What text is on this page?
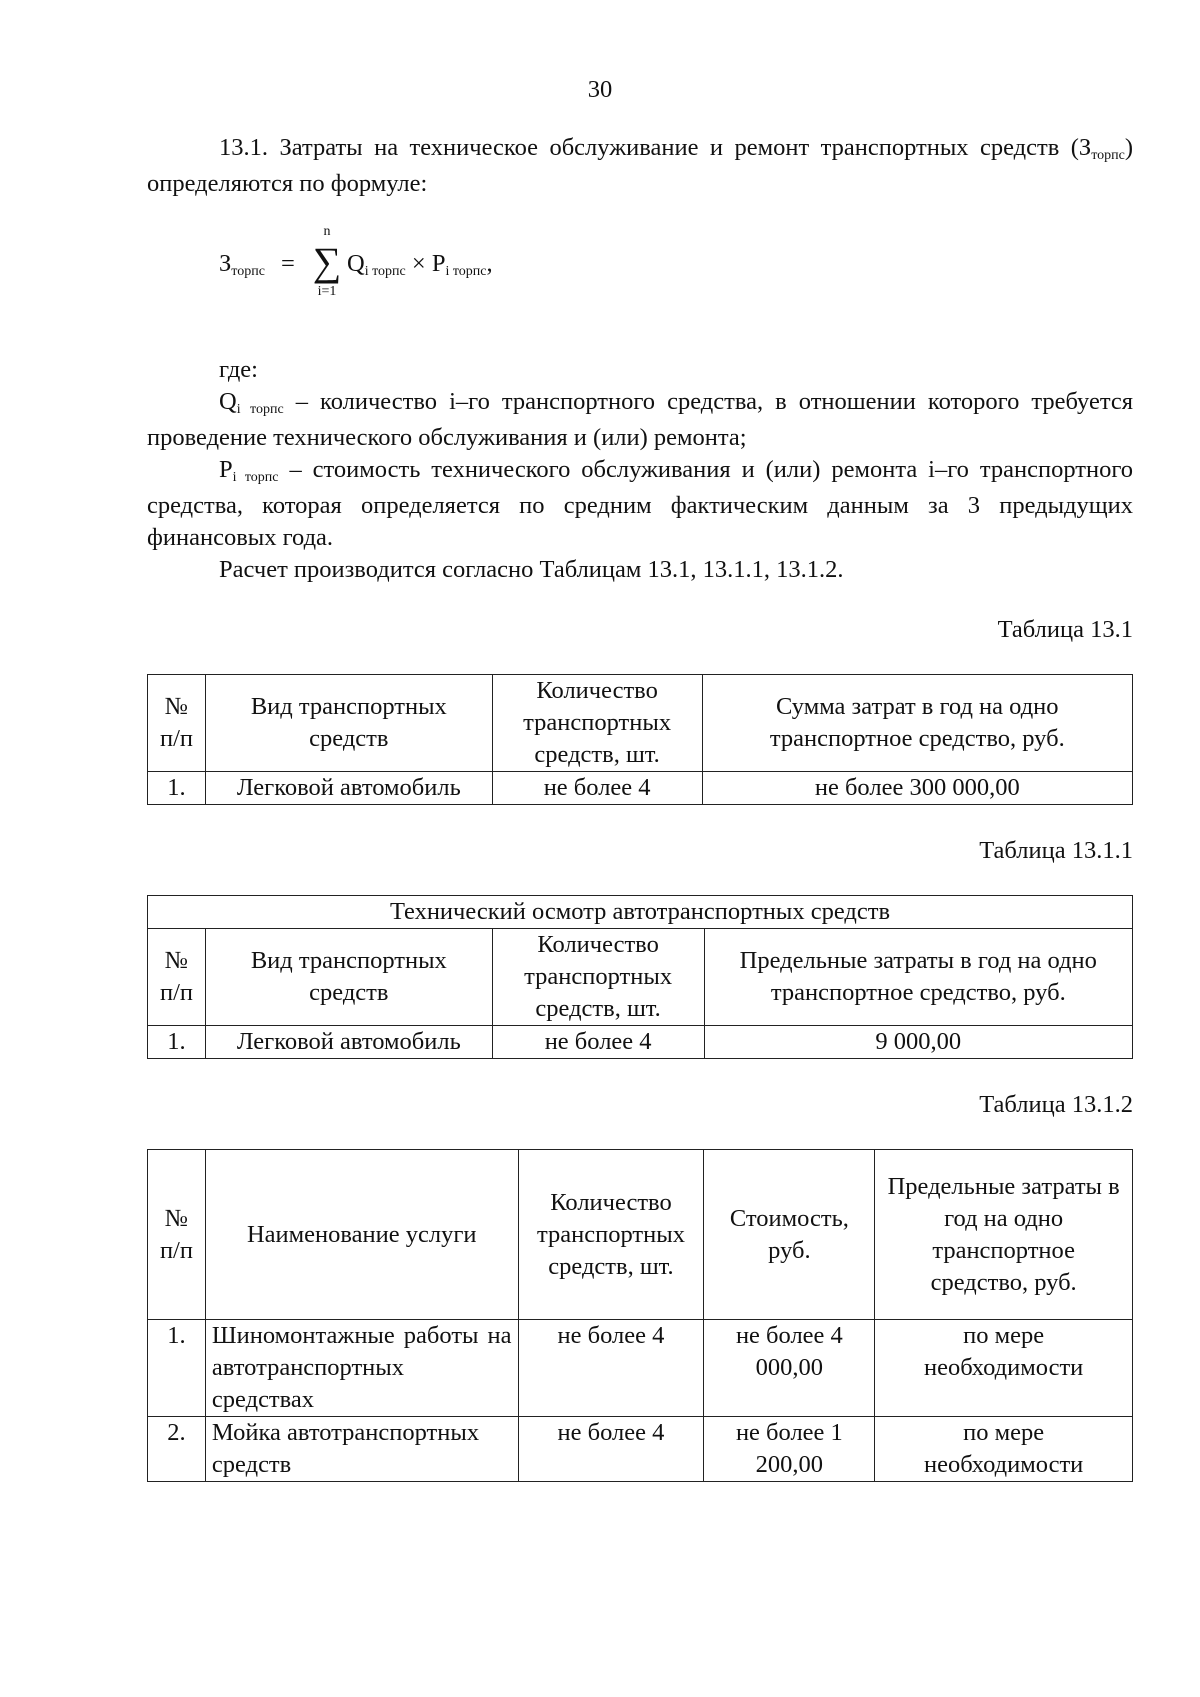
30

13.1. Затраты на техническое обслуживание и ремонт транспортных средств (Зторпс) определяются по формуле:

Зторпс =
n
∑
i=1
Qi торпс × Pi торпс,

где:

Qi торпс – количество i–го транспортного средства, в отношении которого требуется проведение технического обслуживания и (или) ремонта;

Pi торпс – стоимость технического обслуживания и (или) ремонта i–го транспортного средства, которая определяется по средним фактическим данным за 3 предыдущих финансовых года.

Расчет производится согласно Таблицам 13.1, 13.1.1, 13.1.2.

Таблица 13.1

№ п/п	Вид транспортных средств	Количество транспортных средств, шт.	Сумма затрат в год на одно транспортное средство, руб.
1.	Легковой автомобиль	не более 4	не более 300 000,00

Таблица 13.1.1

Технический осмотр автотранспортных средств			
№ п/п	Вид транспортных средств	Количество транспортных средств, шт.	Предельные затраты в год на одно транспортное средство, руб.
1.	Легковой автомобиль	не более 4	9 000,00

Таблица 13.1.2

№ п/п	Наименование услуги	Количество транспортных средств, шт.	Стоимость, руб.	Предельные затраты в год на одно транспортное средство, руб.
1.	Шиномонтажные работы на автотранспортных средствах	не более 4	не более 4 000,00	по мере необходимости
2.	Мойка автотранспортных средств	не более 4	не более 1 200,00	по мере необходимости
